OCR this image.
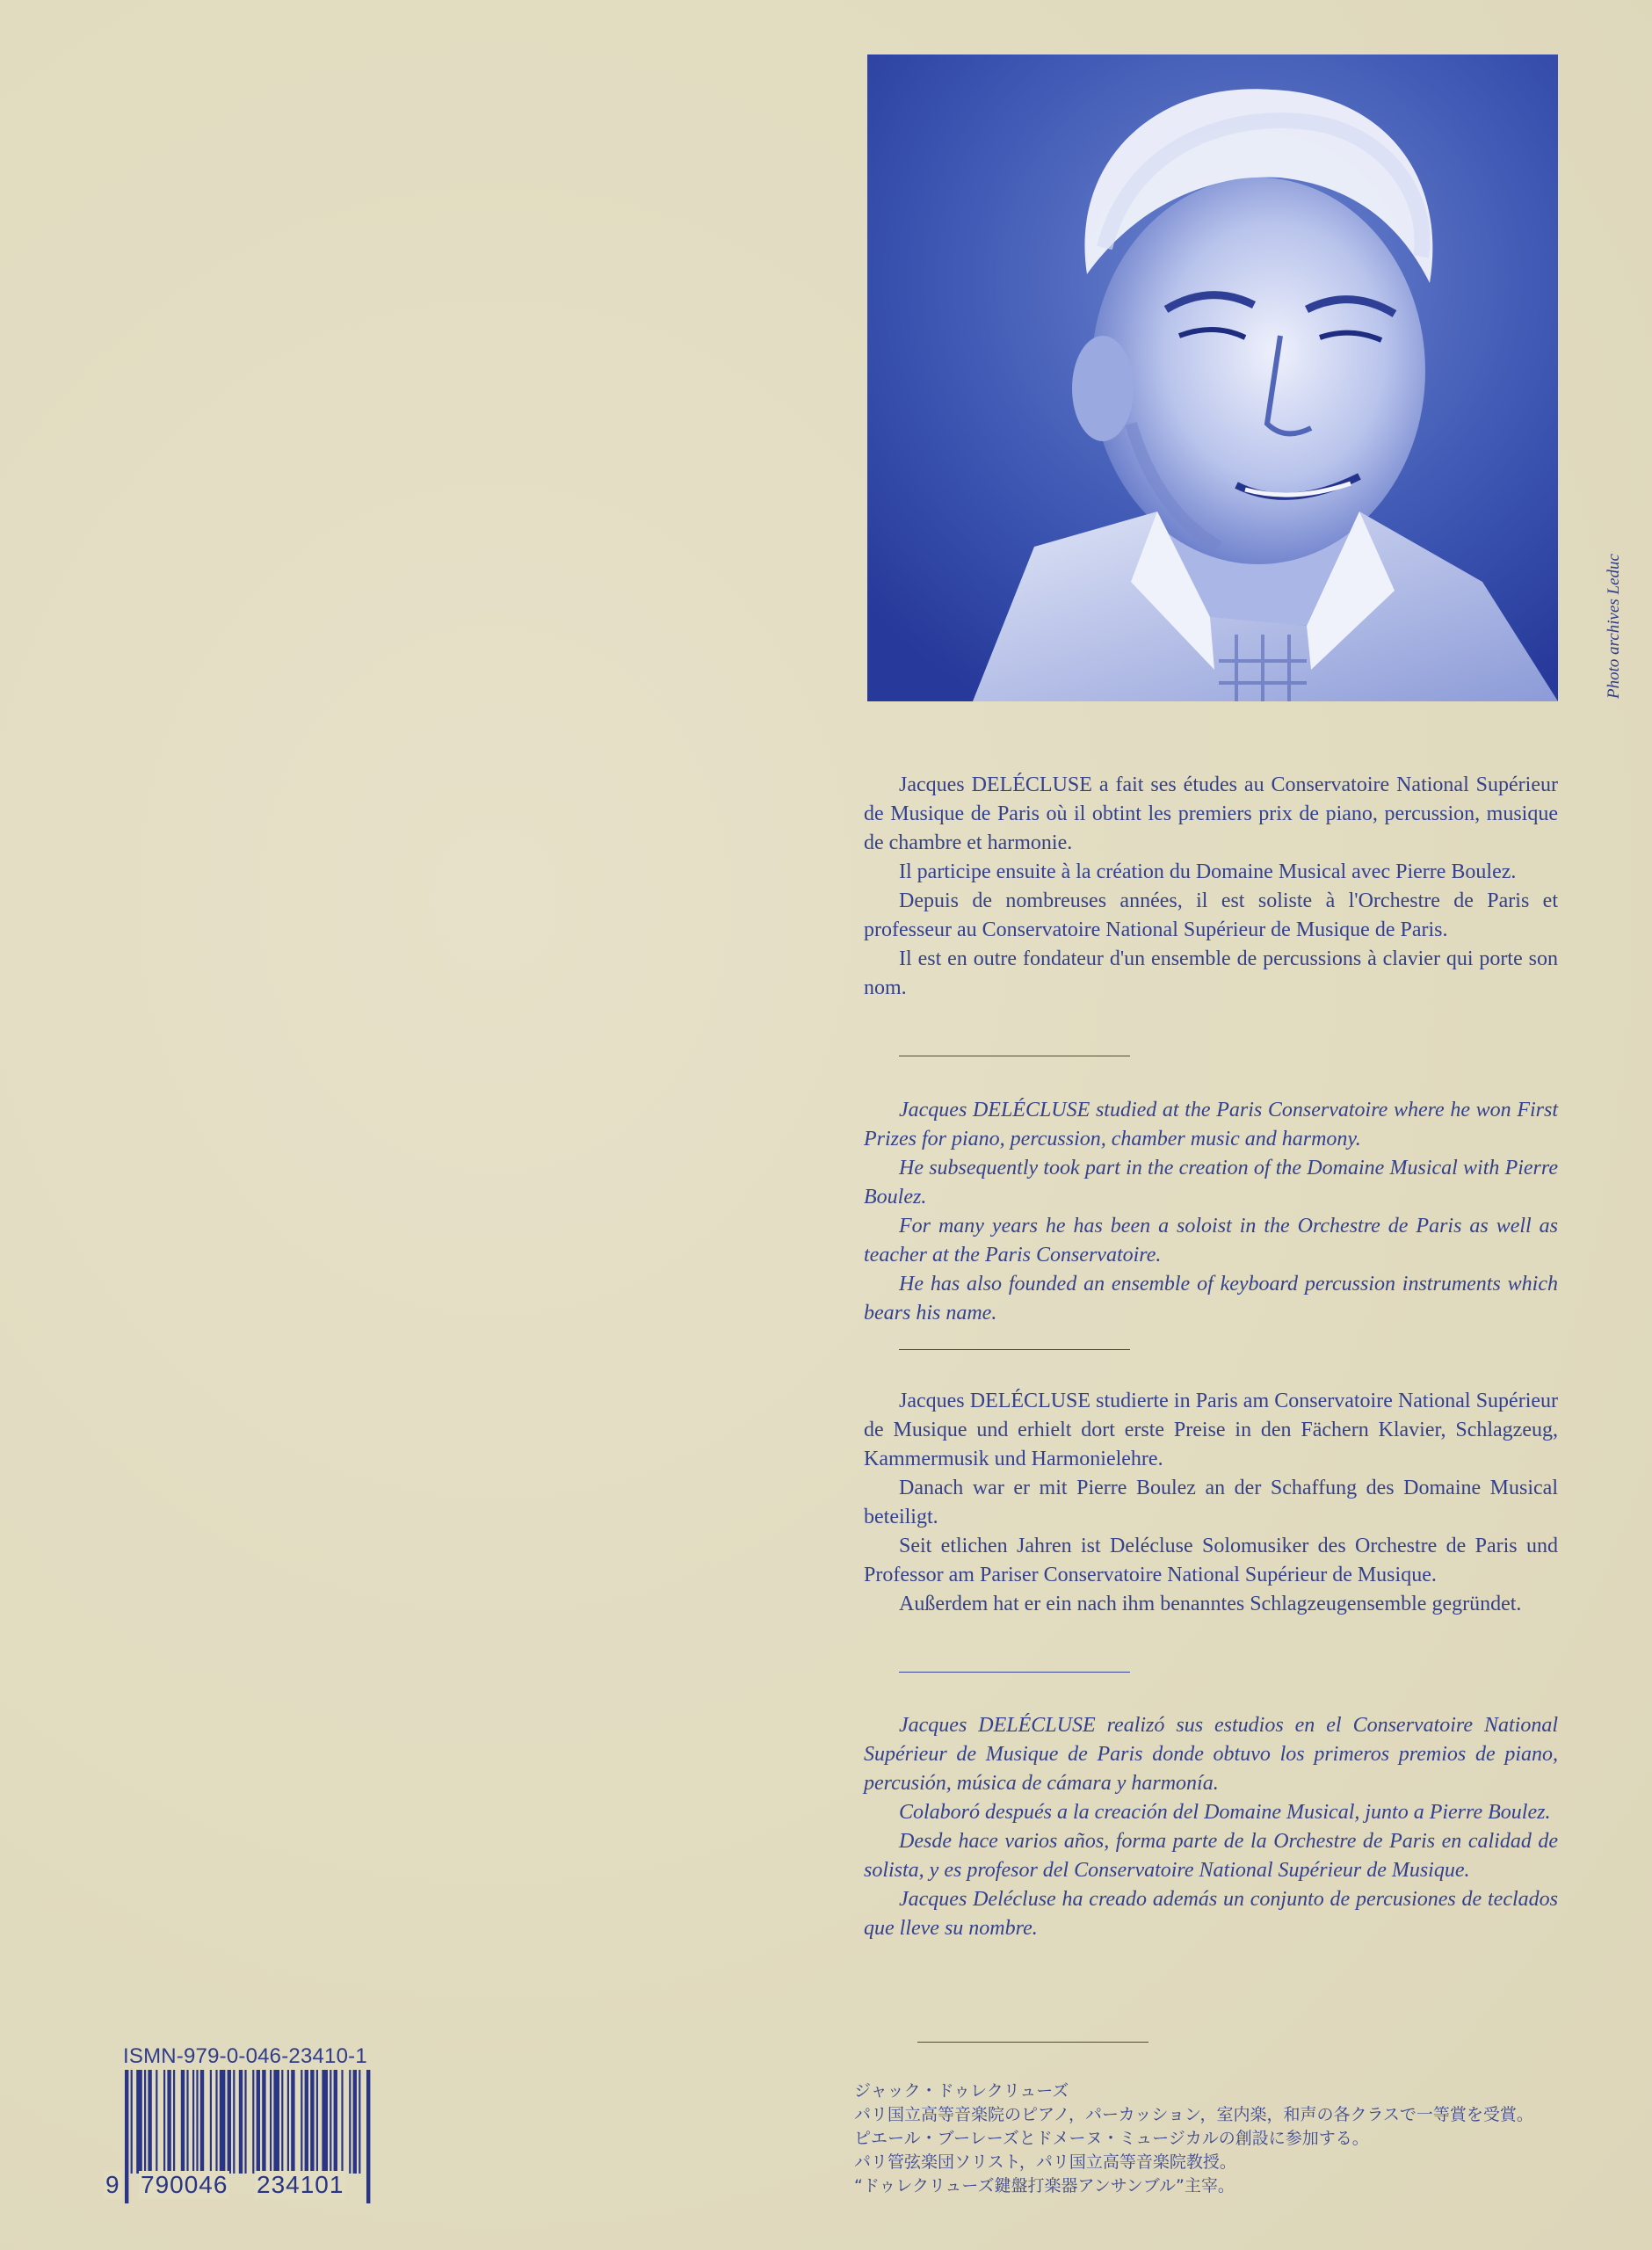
Photo archives Leduc

Jacques DELÉCLUSE a fait ses études au Conservatoire National Supérieur de Musique de Paris où il obtint les premiers prix de piano, percussion, musique de chambre et harmonie.

Il participe ensuite à la création du Domaine Musical avec Pierre Boulez.

Depuis de nombreuses années, il est soliste à l'Orchestre de Paris et professeur au Conservatoire National Supérieur de Musique de Paris.

Il est en outre fondateur d'un ensemble de percussions à clavier qui porte son nom.

Jacques DELÉCLUSE studied at the Paris Conservatoire where he won First Prizes for piano, percussion, chamber music and harmony.

He subsequently took part in the creation of the Domaine Musical with Pierre Boulez.

For many years he has been a soloist in the Orchestre de Paris as well as teacher at the Paris Conservatoire.

He has also founded an ensemble of keyboard percussion instruments which bears his name.

Jacques DELÉCLUSE studierte in Paris am Conservatoire National Supérieur de Musique und erhielt dort erste Preise in den Fächern Klavier, Schlagzeug, Kammermusik und Harmonielehre.

Danach war er mit Pierre Boulez an der Schaffung des Domaine Musical beteiligt.

Seit etlichen Jahren ist Delécluse Solomusiker des Orchestre de Paris und Professor am Pariser Conservatoire National Supérieur de Musique.

Außerdem hat er ein nach ihm benanntes Schlagzeugensemble gegründet.

Jacques DELÉCLUSE realizó sus estudios en el Conservatoire National Supérieur de Musique de Paris donde obtuvo los primeros premios de piano, percusión, música de cámara y harmonía.

Colaboró después a la creación del Domaine Musical, junto a Pierre Boulez.

Desde hace varios años, forma parte de la Orchestre de Paris en calidad de solista, y es profesor del Conservatoire National Supérieur de Musique.

Jacques Delécluse ha creado además un conjunto de percusiones de teclados que lleve su nombre.

ジャック・ドゥレクリューズ

パリ国立高等音楽院のピアノ，パーカッション，室内楽，和声の各クラスで一等賞を受賞。

ピエール・ブーレーズとドメーヌ・ミュージカルの創設に参加する。

パリ管弦楽団ソリスト，パリ国立高等音楽院教授。

“ドゥレクリューズ鍵盤打楽器アンサンブル”主宰。

ISMN-979-0-046-23410-1
9 790046 234101
